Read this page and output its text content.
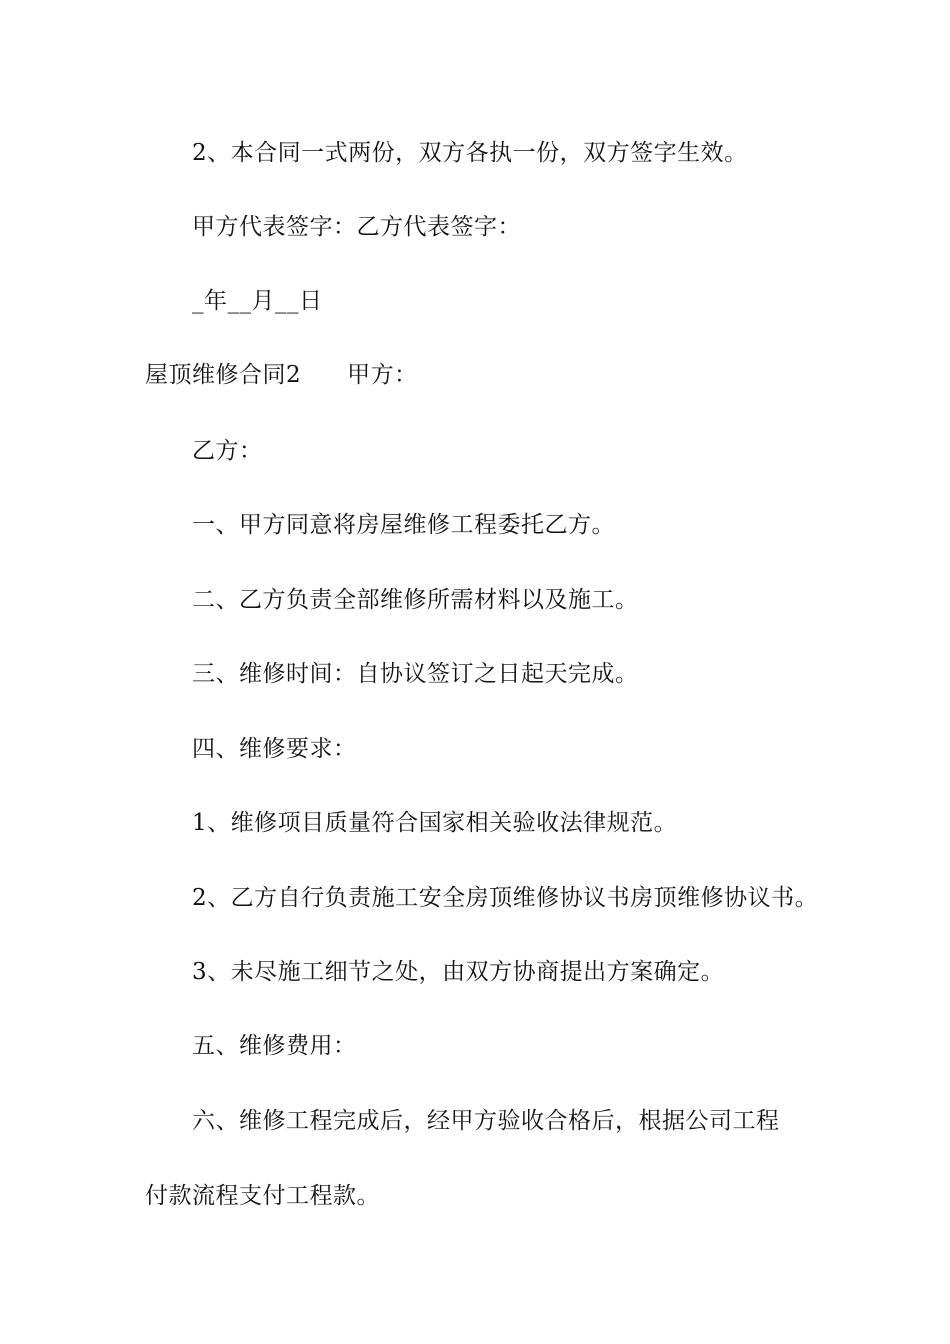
2、本合同一式两份，双方各执一份，双方签字生效。
甲方代表签字：乙方代表签字：
_年__月__日
屋顶维修合同2 甲方：
乙方：
一、甲方同意将房屋维修工程委托乙方。
二、乙方负责全部维修所需材料以及施工。
三、维修时间：自协议签订之日起天完成。
四、维修要求：
1、维修项目质量符合国家相关验收法律规范。
2、乙方自行负责施工安全房顶维修协议书房顶维修协议书。
3、未尽施工细节之处，由双方协商提出方案确定。
五、维修费用：
六、维修工程完成后，经甲方验收合格后，根据公司工程
付款流程支付工程款。
